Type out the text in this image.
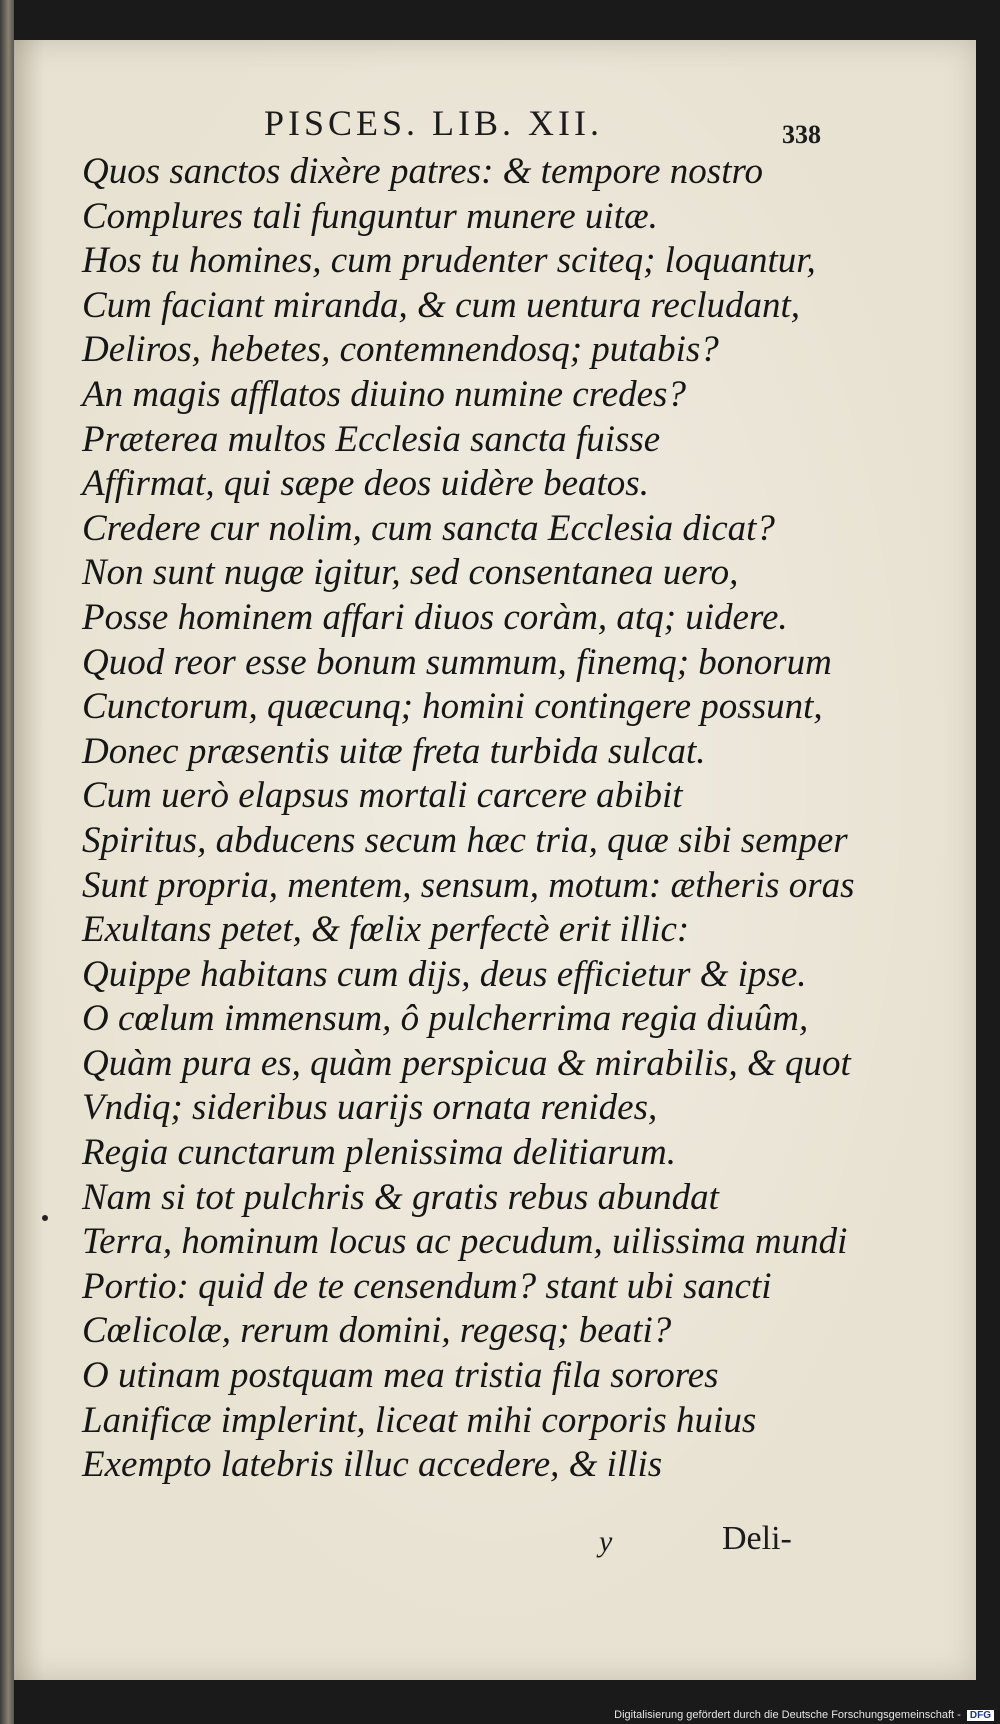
PISCES. LIB. XII.	338
Quos sanctos dixère patres: & tempore nostro
Complures tali funguntur munere uitæ.
Hos tu homines, cum prudenter sciteq; loquantur,
Cum faciant miranda, & cum uentura recludant,
Deliros, hebetes, contemnendosq; putabis?
An magis afflatos diuino numine credes?
Præterea multos Ecclesia sancta fuisse
Affirmat, qui sæpe deos uidère beatos.
Credere cur nolim, cum sancta Ecclesia dicat?
Non sunt nugæ igitur, sed consentanea uero,
Posse hominem affari diuos coràm, atq; uidere.
Quod reor esse bonum summum, finemq; bonorum
Cunctorum, quæcunq; homini contingere possunt,
Donec præsentis uitæ freta turbida sulcat.
Cum uerò elapsus mortali carcere abibit
Spiritus, abducens secum hæc tria, quæ sibi semper
Sunt propria, mentem, sensum, motum: ætheris oras
Exultans petet, & fœlix perfectè erit illic:
Quippe habitans cum dijs, deus efficietur & ipse.
O cœlum immensum, ô pulcherrima regia diuûm,
Quàm pura es, quàm perspicua & mirabilis, & quot
Vndiq; sideribus uarijs ornata renides,
Regia cunctarum plenissima delitiarum.
Nam si tot pulchris & gratis rebus abundat
Terra, hominum locus ac pecudum, uilissima mundi
Portio: quid de te censendum? stant ubi sancti
Cœlicolæ, rerum domini, regesq; beati?
O utinam postquam mea tristia fila sorores
Lanificæ implerint, liceat mihi corporis huius
Exempto latebris illuc accedere, & illis
y	Deli-
Digitalisierung gefördert durch die Deutsche Forschungsgemeinschaft - DFG
